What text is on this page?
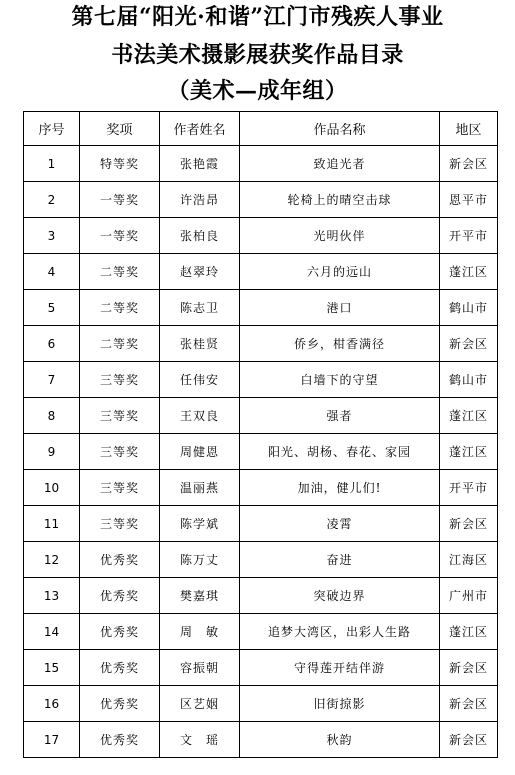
第七届“阳光·和谐”江门市残疾人事业
书法美术摄影展获奖作品目录
（美术—成年组）
序号	奖项	作者姓名	作品名称	地区
1	特等奖	张艳霞	致追光者	新会区
2	一等奖	许浩昂	轮椅上的晴空击球	恩平市
3	一等奖	张柏良	光明伙伴	开平市
4	二等奖	赵翠玲	六月的远山	蓬江区
5	二等奖	陈志卫	港口	鹤山市
6	二等奖	张桂贤	侨乡，柑香满径	新会区
7	三等奖	任伟安	白墙下的守望	鹤山市
8	三等奖	王双良	强者	蓬江区
9	三等奖	周健恩	阳光、胡杨、春花、家园	蓬江区
10	三等奖	温丽燕	加油，健儿们!	开平市
11	三等奖	陈学斌	凌霄	新会区
12	优秀奖	陈万丈	奋进	江海区
13	优秀奖	樊嘉琪	突破边界	广州市
14	优秀奖	周　敏	追梦大湾区，出彩人生路	蓬江区
15	优秀奖	容振朝	守得莲开结伴游	新会区
16	优秀奖	区艺姻	旧街掠影	新会区
17	优秀奖	文　瑶	秋韵	新会区
